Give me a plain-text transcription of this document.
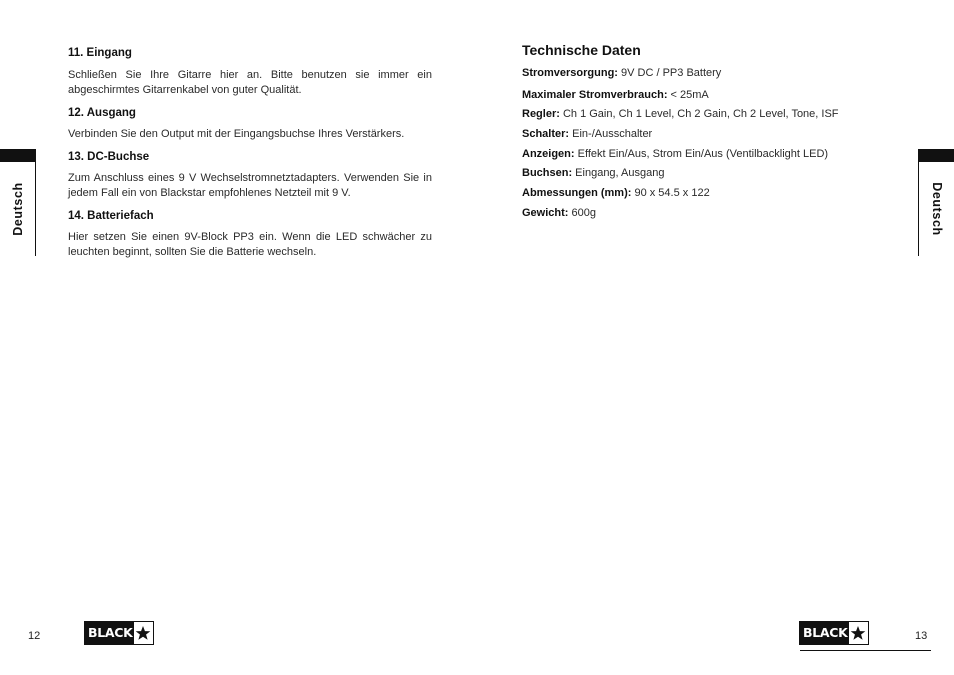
Deutsch
11. Eingang

Schließen Sie Ihre Gitarre hier an. Bitte benutzen sie immer ein abgeschirmtes Gitarrenkabel von guter Qualität.

12. Ausgang

Verbinden Sie den Output mit der Eingangsbuchse Ihres Verstärkers.

13. DC-Buchse

Zum Anschluss eines 9 V Wechselstromnetztadapters. Verwenden Sie in jedem Fall ein von Blackstar empfohlenes Netzteil mit 9 V.

14. Batteriefach

Hier setzen Sie einen 9V-Block PP3 ein. Wenn die LED schwächer zu leuchten beginnt, sollten Sie die Batterie wechseln.

12	BLACK
Technische Daten

Stromversorgung: 9V DC / PP3 Battery

Maximaler Stromverbrauch: < 25mA

Regler: Ch 1 Gain, Ch 1 Level, Ch 2 Gain, Ch 2 Level, Tone, ISF

Schalter: Ein-/Ausschalter

Anzeigen: Effekt Ein/Aus, Strom Ein/Aus (Ventilbacklight LED)

Buchsen: Eingang, Ausgang

Abmessungen (mm): 90 x 54.5 x 122

Gewicht: 600g	Deutsch
BLACK	13
